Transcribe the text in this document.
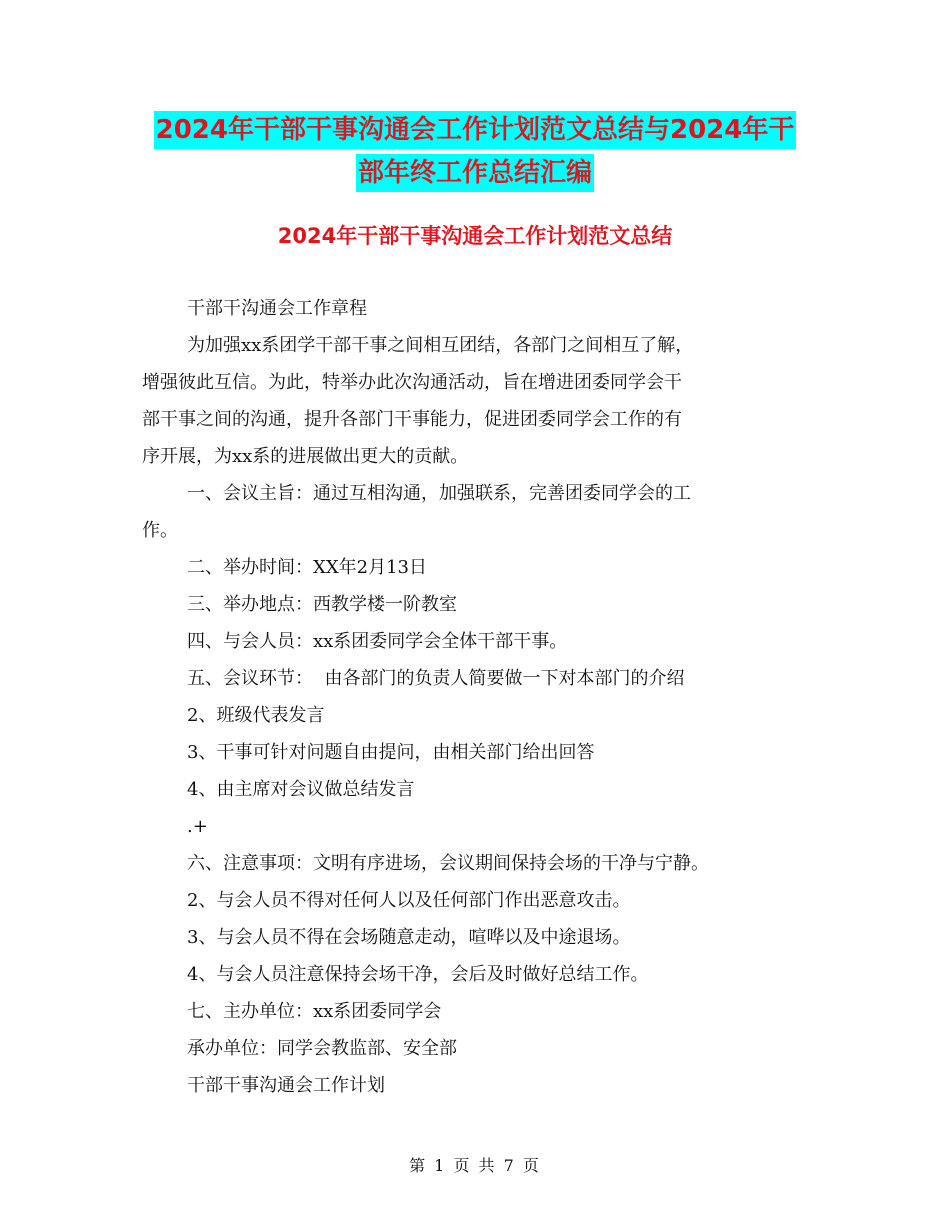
2024年干部干事沟通会工作计划范文总结与2024年干
部年终工作总结汇编
2024年干部干事沟通会工作计划范文总结
干部干沟通会工作章程
为加强xx系团学干部干事之间相互团结，各部门之间相互了解，
增强彼此互信。为此，特举办此次沟通活动，旨在增进团委同学会干
部干事之间的沟通，提升各部门干事能力，促进团委同学会工作的有
序开展，为xx系的进展做出更大的贡献。
一、会议主旨：通过互相沟通，加强联系，完善团委同学会的工
作。
二、举办时间：XX年2月13日
三、举办地点：西教学楼一阶教室
四、与会人员：xx系团委同学会全体干部干事。
五、会议环节：  由各部门的负责人简要做一下对本部门的介绍
2、班级代表发言
3、干事可针对问题自由提问，由相关部门给出回答
4、由主席对会议做总结发言
.+
六、注意事项：文明有序进场，会议期间保持会场的干净与宁静。
2、与会人员不得对任何人以及任何部门作出恶意攻击。
3、与会人员不得在会场随意走动，喧哗以及中途退场。
4、与会人员注意保持会场干净，会后及时做好总结工作。
七、主办单位：xx系团委同学会
承办单位：同学会教监部、安全部
干部干事沟通会工作计划
第 1 页 共 7 页
